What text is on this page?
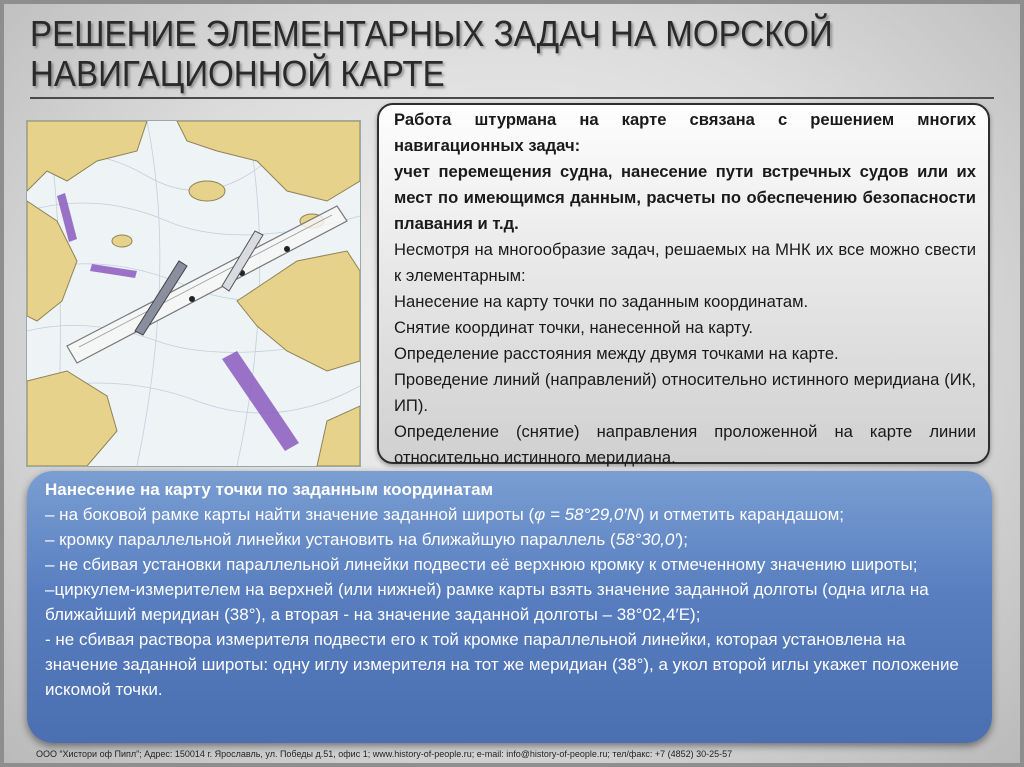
РЕШЕНИЕ ЭЛЕМЕНТАРНЫХ ЗАДАЧ НА МОРСКОЙ
НАВИГАЦИОННОЙ КАРТЕ

Работа штурмана на карте связана с решением многих навигационных задач:

учет перемещения судна, нанесение пути встречных судов или их мест по имеющимся данным, расчеты по обеспечению безопасности плавания и т.д.

Несмотря на многообразие задач, решаемых на МНК их все можно свести к элементарным:

Нанесение на карту точки по заданным координатам.

Снятие координат точки, нанесенной на карту.

Определение расстояния между двумя точками на карте.

Проведение линий (направлений) относительно истинного меридиана (ИК, ИП).

Определение (снятие) направления проложенной на карте линии относительно истинного меридиана.

Нанесение на карту точки по заданным координатам

– на боковой рамке карты найти значение заданной широты (φ = 58°29,0′N) и отметить карандашом;

– кромку параллельной линейки установить на ближайшую параллель (58°30,0′);

– не сбивая установки параллельной линейки подвести её верхнюю кромку к отмеченному значению широты;

–циркулем-измерителем на верхней (или нижней) рамке карты взять значение заданной долготы (одна игла на ближайший меридиан (38°), а вторая - на значение заданной долготы – 38°02,4′Е);

- не сбивая раствора измерителя подвести его к той кромке параллельной линейки, которая установлена на значение заданной широты: одну иглу измерителя на тот же меридиан (38°), а укол второй иглы укажет положение искомой точки.

ООО “Хистори оф Пипл”; Адрес: 150014 г. Ярославль, ул. Победы д.51, офис 1; www.history-of-people.ru; e-mail: info@history-of-people.ru; тел/факс: +7 (4852) 30-25-57
